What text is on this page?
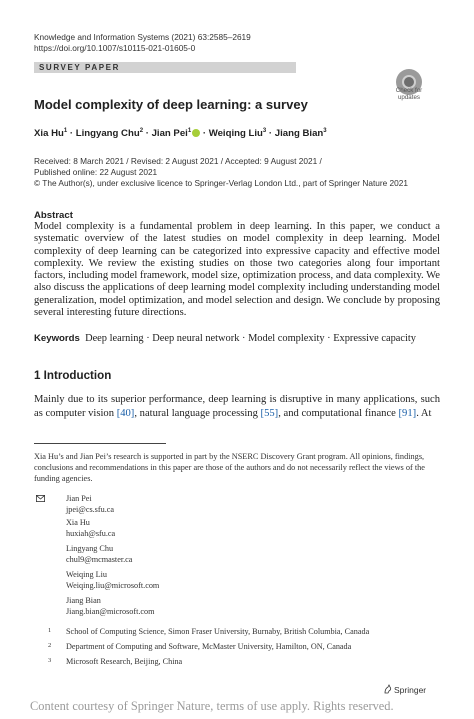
Knowledge and Information Systems (2021) 63:2585–2619
https://doi.org/10.1007/s10115-021-01605-0
SURVEY PAPER
Check for
updates
Model complexity of deep learning: a survey
Xia $Hu^1$ · Lingyang Chu$^2$ · Jian Pei$^1$ · Weiqing Liu$^3$ · Jiang Bian$^3$
Received: 8 March 2021 / Revised: 2 August 2021 / Accepted: 9 August 2021 /
Published online: 22 August 2021
© The Author(s), under exclusive licence to Springer-Verlag London Ltd., part of Springer Nature 2021
Abstract
Model complexity is a fundamental problem in deep learning. In this paper, we conduct a systematic overview of the latest studies on model complexity in deep learning. Model complexity of deep learning can be categorized into expressive capacity and effective model complexity. We review the existing studies on those two categories along four important factors, including model framework, model size, optimization process, and data complexity. We also discuss the applications of deep learning model complexity including understanding model generalization, model optimization, and model selection and design. We conclude by proposing several interesting future directions.
Keywords Deep learning · Deep neural network · Model complexity · Expressive capacity
1 Introduction
Mainly due to its superior performance, deep learning is disruptive in many applications, such as computer vision [40], natural language processing [55], and computational finance [91]. At
Xia Hu’s and Jian Pei’s research is supported in part by the NSERC Discovery Grant program. All opinions, findings, conclusions and recommendations in this paper are those of the authors and do not necessarily reflect the views of the funding agencies.
Jian Pei
jpei@cs.sfu.ca
Xia Hu
huxiah@sfu.ca
Lingyang Chu
chul9@mcmaster.ca
Weiqing Liu
Weiqing.liu@microsoft.com
Jiang Bian
Jiang.bian@microsoft.com
1 School of Computing Science, Simon Fraser University, Burnaby, British Columbia, Canada
2 Department of Computing and Software, McMaster University, Hamilton, ON, Canada
3 Microsoft Research, Beijing, China
Springer
Content courtesy of Springer Nature, terms of use apply. Rights reserved.
